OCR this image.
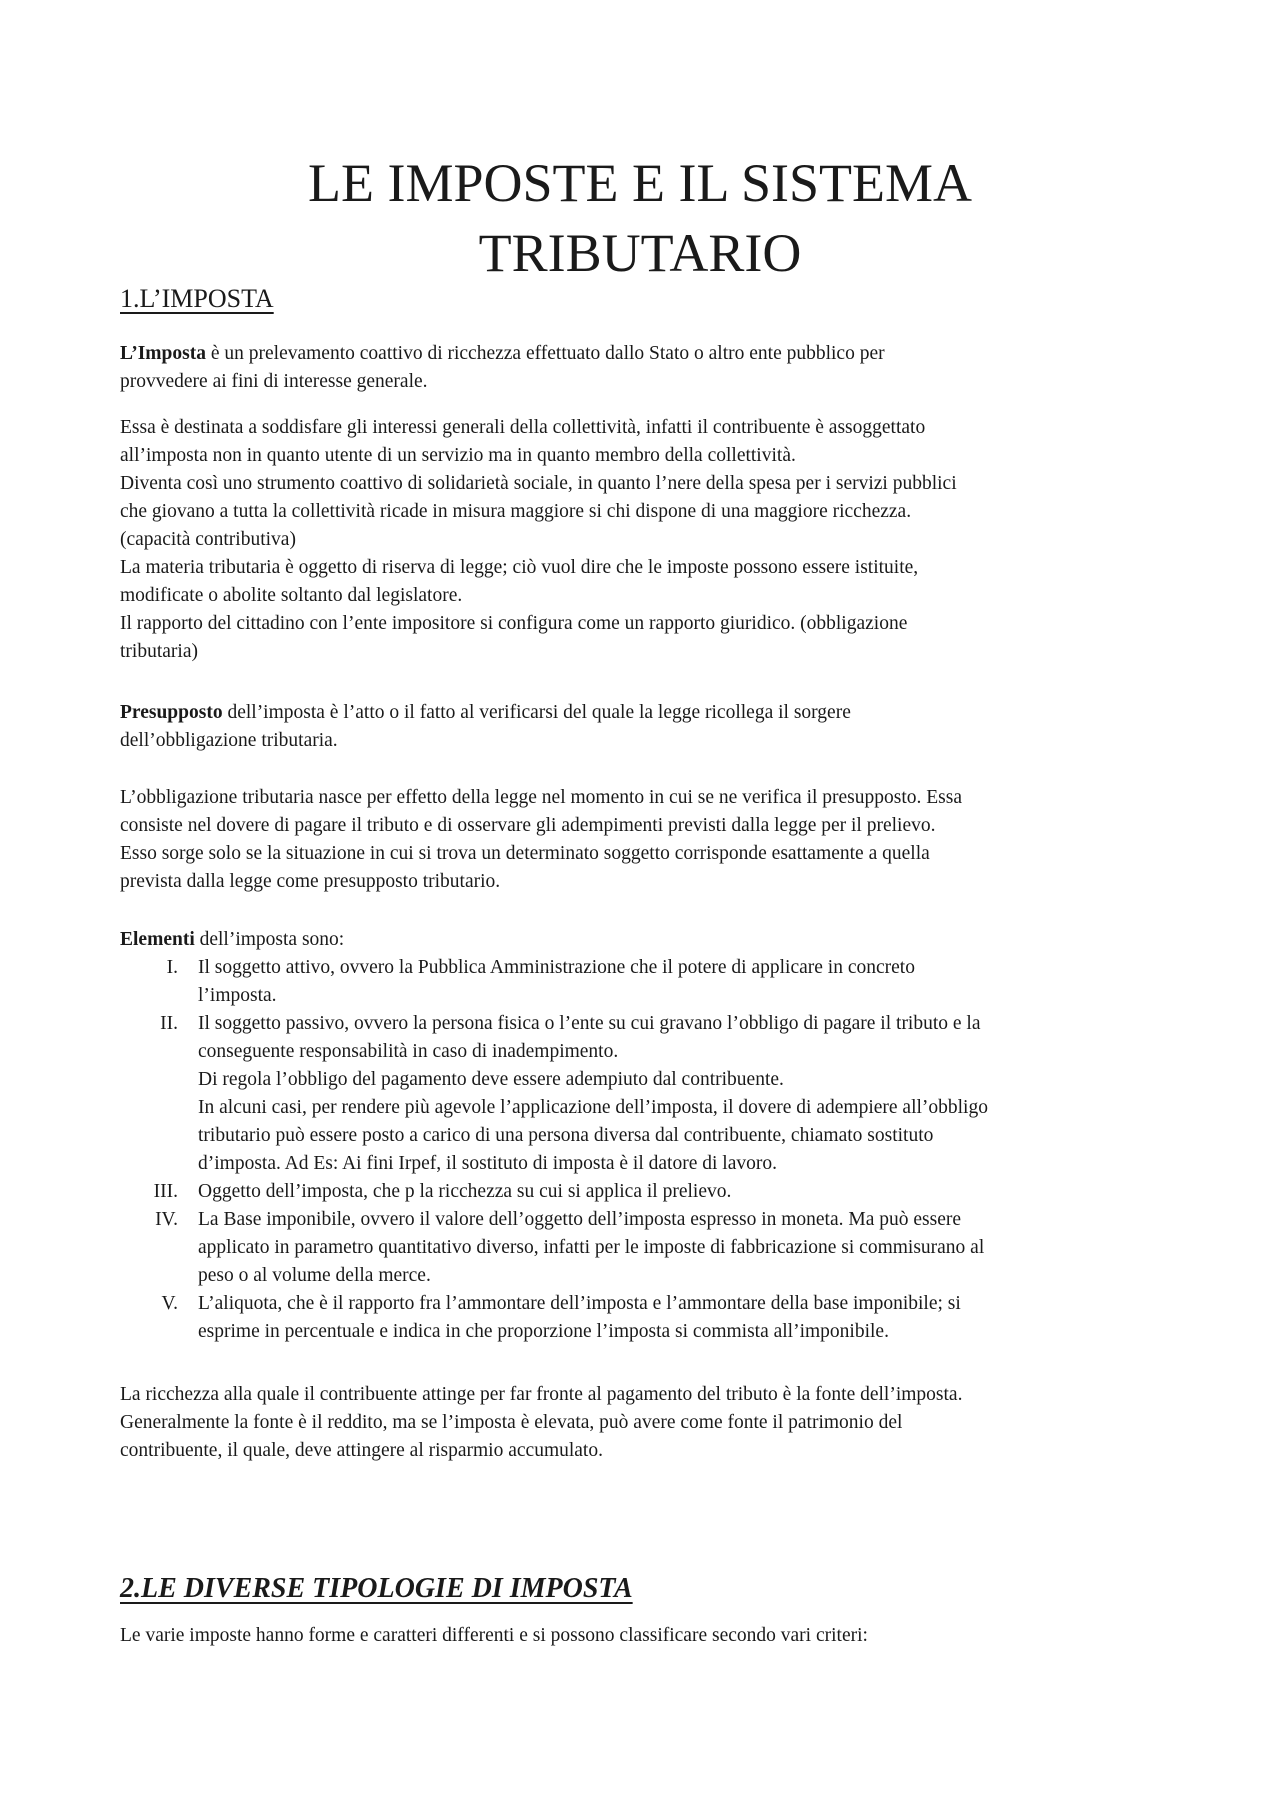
LE IMPOSTE E IL SISTEMA
TRIBUTARIO
1.L’IMPOSTA

L’Imposta è un prelevamento coattivo di ricchezza effettuato dallo Stato o altro ente pubblico per

provvedere ai fini di interesse generale.

Essa è destinata a soddisfare gli interessi generali della collettività, infatti il contribuente è assoggettato

all’imposta non in quanto utente di un servizio ma in quanto membro della collettività.

Diventa così uno strumento coattivo di solidarietà sociale, in quanto l’nere della spesa per i servizi pubblici

che giovano a tutta la collettività ricade in misura maggiore si chi dispone di una maggiore ricchezza.

(capacità contributiva)

La materia tributaria è oggetto di riserva di legge; ciò vuol dire che le imposte possono essere istituite,

modificate o abolite soltanto dal legislatore.

Il rapporto del cittadino con l’ente impositore si configura come un rapporto giuridico. (obbligazione

tributaria)

Presupposto dell’imposta è l’atto o il fatto al verificarsi del quale la legge ricollega il sorgere

dell’obbligazione tributaria.

L’obbligazione tributaria nasce per effetto della legge nel momento in cui se ne verifica il presupposto. Essa

consiste nel dovere di pagare il tributo e di osservare gli adempimenti previsti dalla legge per il prelievo.

Esso sorge solo se la situazione in cui si trova un determinato soggetto corrisponde esattamente a quella

prevista dalla legge come presupposto tributario.

Elementi dell’imposta sono:

I. Il soggetto attivo, ovvero la Pubblica Amministrazione che il potere di applicare in concreto
l’imposta.
II. Il soggetto passivo, ovvero la persona fisica o l’ente su cui gravano l’obbligo di pagare il tributo e la
conseguente responsabilità in caso di inadempimento.
Di regola l’obbligo del pagamento deve essere adempiuto dal contribuente.
In alcuni casi, per rendere più agevole l’applicazione dell’imposta, il dovere di adempiere all’obbligo
tributario può essere posto a carico di una persona diversa dal contribuente, chiamato sostituto
d’imposta. Ad Es: Ai fini Irpef, il sostituto di imposta è il datore di lavoro.
III. Oggetto dell’imposta, che p la ricchezza su cui si applica il prelievo.
IV. La Base imponibile, ovvero il valore dell’oggetto dell’imposta espresso in moneta. Ma può essere
applicato in parametro quantitativo diverso, infatti per le imposte di fabbricazione si commisurano al
peso o al volume della merce.
V. L’aliquota, che è il rapporto fra l’ammontare dell’imposta e l’ammontare della base imponibile; si
esprime in percentuale e indica in che proporzione l’imposta si commista all’imponibile.

La ricchezza alla quale il contribuente attinge per far fronte al pagamento del tributo è la fonte dell’imposta.

Generalmente la fonte è il reddito, ma se l’imposta è elevata, può avere come fonte il patrimonio del

contribuente, il quale, deve attingere al risparmio accumulato.

2.LE DIVERSE TIPOLOGIE DI IMPOSTA

Le varie imposte hanno forme e caratteri differenti e si possono classificare secondo vari criteri:
